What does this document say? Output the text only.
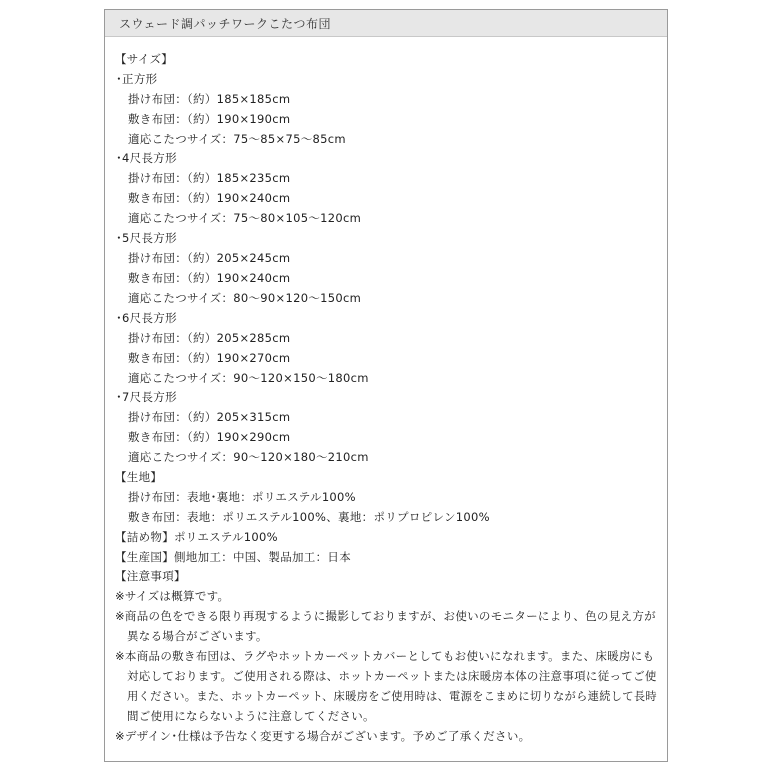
スウェード調パッチワークこたつ布団
【サイズ】
･正方形
掛け布団：（約）185×185cm
敷き布団：（約）190×190cm
適応こたつサイズ：75～85×75～85cm
･4尺長方形
掛け布団：（約）185×235cm
敷き布団：（約）190×240cm
適応こたつサイズ：75～80×105～120cm
･5尺長方形
掛け布団：（約）205×245cm
敷き布団：（約）190×240cm
適応こたつサイズ：80～90×120～150cm
･6尺長方形
掛け布団：（約）205×285cm
敷き布団：（約）190×270cm
適応こたつサイズ：90～120×150～180cm
･7尺長方形
掛け布団：（約）205×315cm
敷き布団：（約）190×290cm
適応こたつサイズ：90～120×180～210cm
【生地】
掛け布団：表地･裏地：ポリエステル100%
敷き布団：表地：ポリエステル100%、裏地：ポリプロピレン100%
【詰め物】ポリエステル100%
【生産国】側地加工：中国、製品加工：日本
【注意事項】
※サイズは概算です。
※商品の色をできる限り再現するように撮影しておりますが、お使いのモニターにより、色の見え方が
異なる場合がございます。
※本商品の敷き布団は、ラグやホットカーペットカバーとしてもお使いになれます。また、床暖房にも
対応しております。ご使用される際は、ホットカーペットまたは床暖房本体の注意事項に従ってご使
用ください。また、ホットカーペット、床暖房をご使用時は、電源をこまめに切りながら連続して長時
間ご使用にならないように注意してください。
※デザイン･仕様は予告なく変更する場合がございます。予めご了承ください。
